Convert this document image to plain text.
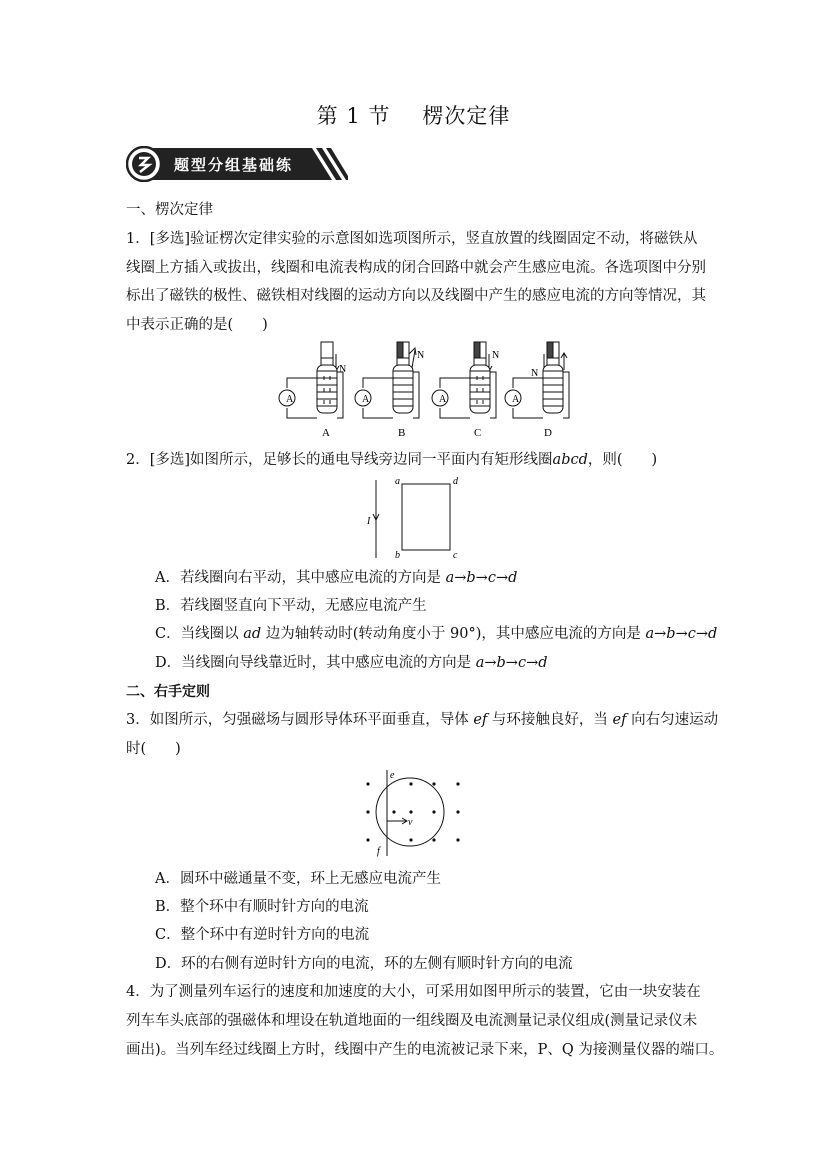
第 1 节 楞次定律
题型分组基础练
一、楞次定律
1．[多选]验证楞次定律实验的示意图如选项图所示，竖直放置的线圈固定不动，将磁铁从
线圈上方插入或拔出，线圈和电流表构成的闭合回路中就会产生感应电流。各选项图中分别
标出了磁铁的极性、磁铁相对线圈的运动方向以及线圈中产生的感应电流的方向等情况，其
中表示正确的是(　　)
A
N
A
A
N
B
A
N
C
A
N
D
2．[多选]如图所示，足够长的通电导线旁边同一平面内有矩形线圈abcd，则(　　)
I
a	d
b	c
A．若线圈向右平动，其中感应电流的方向是 a→b→c→d
B．若线圈竖直向下平动，无感应电流产生
C．当线圈以 ad 边为轴转动时(转动角度小于 90°)，其中感应电流的方向是 a→b→c→d
D．当线圈向导线靠近时，其中感应电流的方向是 a→b→c→d
二、右手定则
3．如图所示，匀强磁场与圆形导体环平面垂直，导体 ef 与环接触良好，当 ef 向右匀速运动
时(　　)
e
f
v
A．圆环中磁通量不变，环上无感应电流产生
B．整个环中有顺时针方向的电流
C．整个环中有逆时针方向的电流
D．环的右侧有逆时针方向的电流，环的左侧有顺时针方向的电流
4．为了测量列车运行的速度和加速度的大小，可采用如图甲所示的装置，它由一块安装在
列车车头底部的强磁体和埋设在轨道地面的一组线圈及电流测量记录仪组成(测量记录仪未
画出)。当列车经过线圈上方时，线圈中产生的电流被记录下来，P、Q 为接测量仪器的端口。
